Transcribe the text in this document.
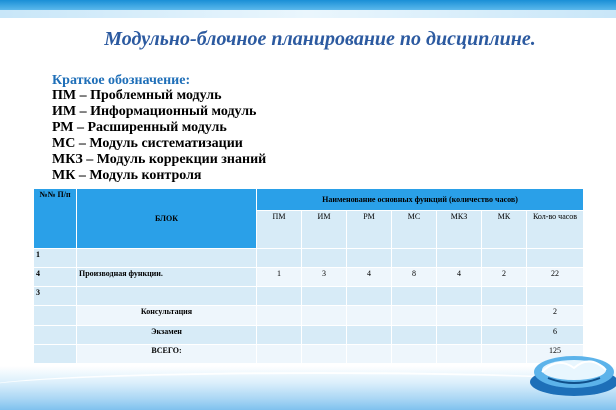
Модульно-блочное планирование по дисциплине.
Краткое обозначение:
ПМ – Проблемный модуль
ИМ – Информационный модуль
РМ – Расширенный модуль
МС – Модуль систематизации
МКЗ – Модуль коррекции знаний
МК – Модуль контроля
№№ П/п	БЛОК	Наименование основных функций (количество часов)						
		ПМ	ИМ	РМ	МС	МКЗ	МК	Кол-во часов
1								
4	Производная функции.	1	3	4	8	4	2	22
3								
	Консультация							2
	Экзамен							6
	ВСЕГО:							125
